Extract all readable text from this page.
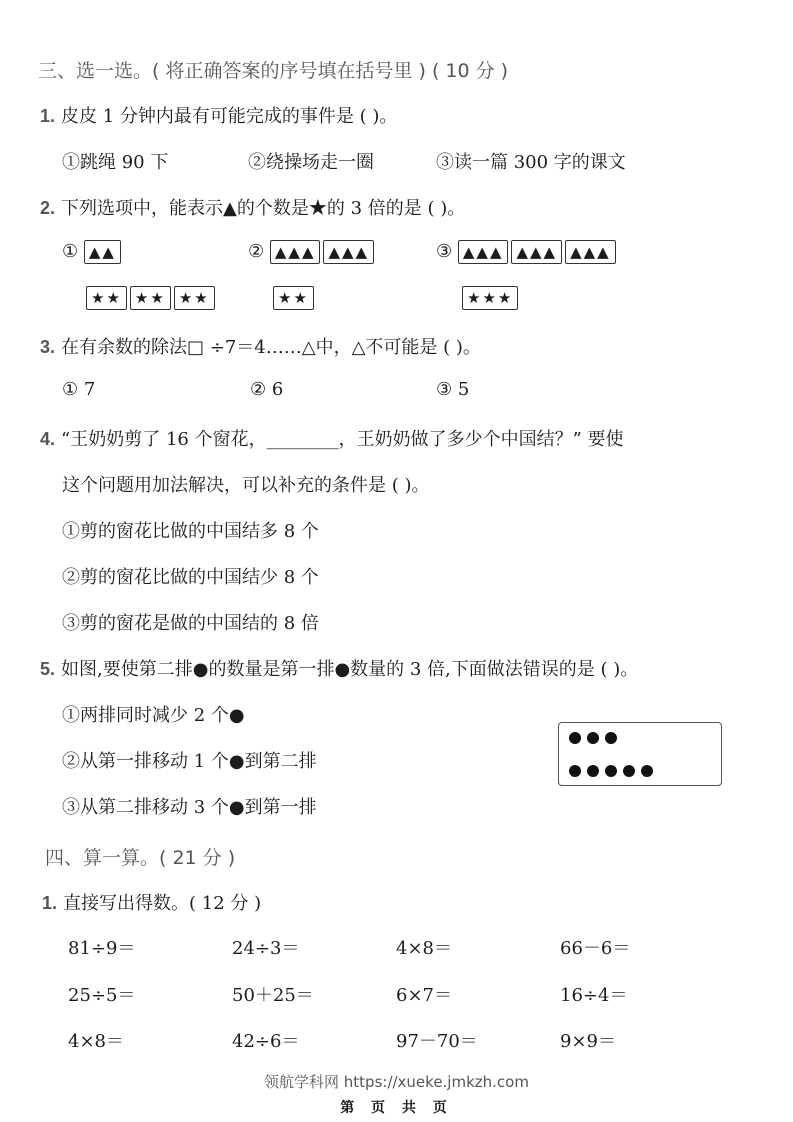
三、选一选。( 将正确答案的序号填在括号里 ) ( 10 分 )
1. 皮皮 1 分钟内最有可能完成的事件是 ( )。
①跳绳 90 下	②绕操场走一圈	③读一篇 300 字的课文
2. 下列选项中，能表示▲的个数是★的 3 倍的是 ( )。
① ▲▲	② ▲▲▲ ▲▲▲	③ ▲▲▲ ▲▲▲ ▲▲▲
★★ ★★ ★★	★★	★★★
3. 在有余数的除法□ ÷7＝4……△中，△不可能是 ( )。
① 7	② 6	③ 5
4. “王奶奶剪了 16 个窗花，________，王奶奶做了多少个中国结？” 要使
这个问题用加法解决，可以补充的条件是 ( )。
①剪的窗花比做的中国结多 8 个
②剪的窗花比做的中国结少 8 个
③剪的窗花是做的中国结的 8 倍
5. 如图,要使第二排●的数量是第一排●数量的 3 倍,下面做法错误的是 ( )。
①两排同时减少 2 个●
②从第一排移动 1 个●到第二排
③从第二排移动 3 个●到第一排
四、算一算。( 21 分 )
1. 直接写出得数。( 12 分 )
81÷9＝	24÷3＝	4×8＝	66－6＝
25÷5＝	50＋25＝	6×7＝	16÷4＝
4×8＝	42÷6＝	97－70＝	9×9＝
领航学科网 https://xueke.jmkzh.com
第 页 共 页
